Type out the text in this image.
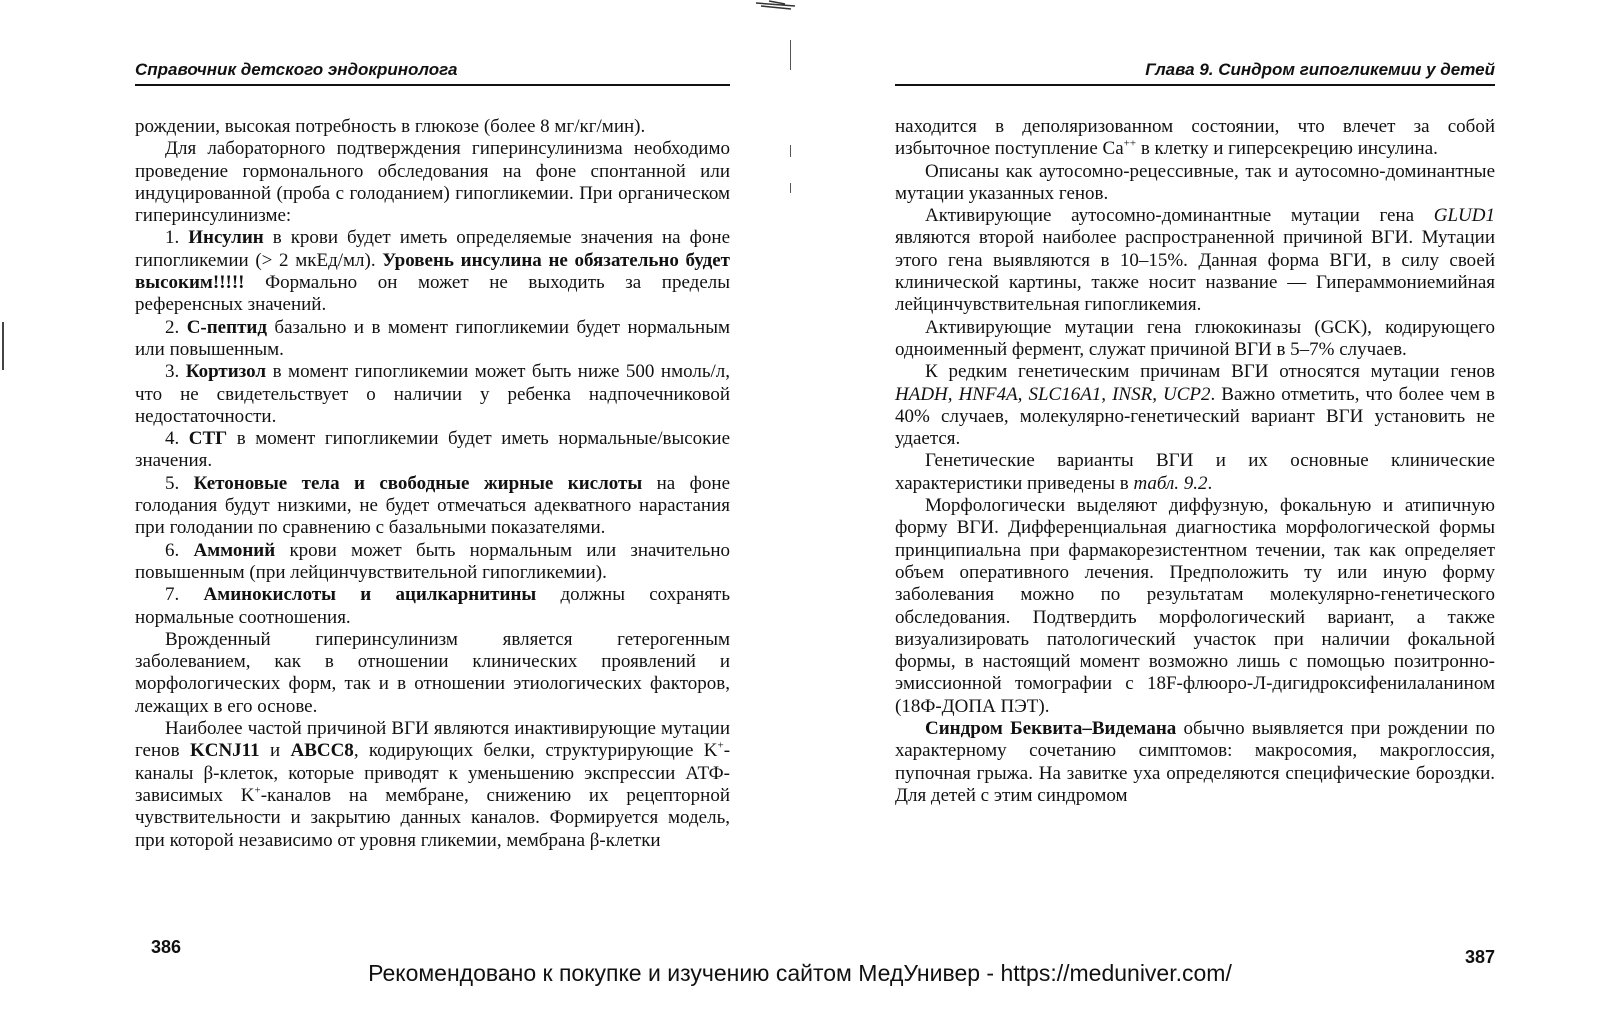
Справочник детского эндокринолога

рождении, высокая потребность в глюкозе (более 8 мг/кг/мин).

Для лабораторного подтверждения гиперинсулинизма необходимо проведение гормонального обследования на фоне спонтанной или индуцированной (проба с голоданием) гипогликемии. При органическом гиперинсулинизме:

1. Инсулин в крови будет иметь определяемые значения на фоне гипогликемии (> 2 мкЕд/мл). Уровень инсулина не обязательно будет высоким!!!!! Формально он может не выходить за пределы референсных значений.

2. С-пептид базально и в момент гипогликемии будет нормальным или повышенным.

3. Кортизол в момент гипогликемии может быть ниже 500 нмоль/л, что не свидетельствует о наличии у ребенка надпочечниковой недостаточности.

4. СТГ в момент гипогликемии будет иметь нормальные/высокие значения.

5. Кетоновые тела и свободные жирные кислоты на фоне голодания будут низкими, не будет отмечаться адекватного нарастания при голодании по сравнению с базальными показателями.

6. Аммоний крови может быть нормальным или значительно повышенным (при лейцинчувствительной гипогликемии).

7. Аминокислоты и ацилкарнитины должны сохранять нормальные соотношения.

Врожденный гиперинсулинизм является гетерогенным заболеванием, как в отношении клинических проявлений и морфологических форм, так и в отношении этиологических факторов, лежащих в его основе.

Наиболее частой причиной ВГИ являются инактивирующие мутации генов KCNJ11 и ABCC8, кодирующих белки, структурирующие K+-каналы β-клеток, которые приводят к уменьшению экспрессии АТФ-зависимых K+-каналов на мембране, снижению их рецепторной чувствительности и закрытию данных каналов. Формируется модель, при которой независимо от уровня гликемии, мембрана β-клетки

386
Глава 9. Синдром гипогликемии у детей

находится в деполяризованном состоянии, что влечет за собой избыточное поступление Ca++ в клетку и гиперсекрецию инсулина.

Описаны как аутосомно-рецессивные, так и аутосомно-доминантные мутации указанных генов.

Активирующие аутосомно-доминантные мутации гена GLUD1 являются второй наиболее распространенной причиной ВГИ. Мутации этого гена выявляются в 10–15%. Данная форма ВГИ, в силу своей клинической картины, также носит название — Гипераммониемийная лейцинчувствительная гипогликемия.

Активирующие мутации гена глюкокиназы (GCK), кодирующего одноименный фермент, служат причиной ВГИ в 5–7% случаев.

К редким генетическим причинам ВГИ относятся мутации генов HADH, HNF4A, SLC16A1, INSR, UCP2. Важно отметить, что более чем в 40% случаев, молекулярно-генетический вариант ВГИ установить не удается.

Генетические варианты ВГИ и их основные клинические характеристики приведены в табл. 9.2.

Морфологически выделяют диффузную, фокальную и атипичную форму ВГИ. Дифференциальная диагностика морфологической формы принципиальна при фармакорезистентном течении, так как определяет объем оперативного лечения. Предположить ту или иную форму заболевания можно по результатам молекулярно-генетического обследования. Подтвердить морфологический вариант, а также визуализировать патологический участок при наличии фокальной формы, в настоящий момент возможно лишь с помощью позитронно-эмиссионной томографии с 18F-флюоро-Л-дигидроксифенилаланином (18Ф-ДОПА ПЭТ).

Синдром Беквита–Видемана обычно выявляется при рождении по характерному сочетанию симптомов: макросомия, макроглоссия, пупочная грыжа. На завитке уха определяются специфические бороздки. Для детей с этим синдромом

387
Рекомендовано к покупке и изучению сайтом МедУнивер - https://meduniver.com/
